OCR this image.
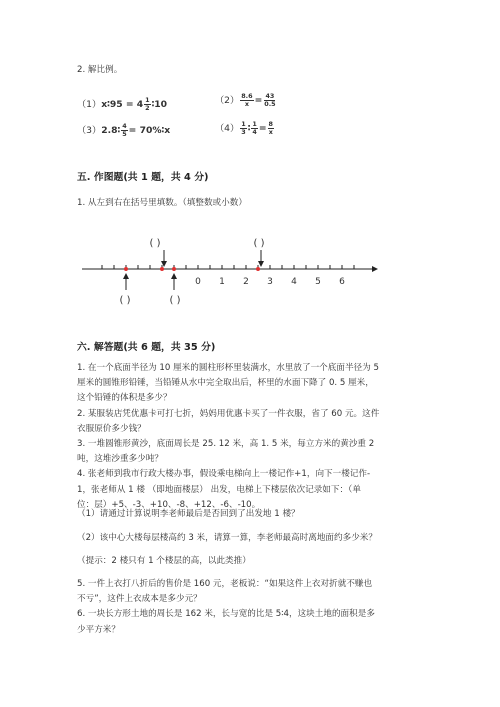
2. 解比例。
（1）x∶95 = $4 \frac{1}{2}$ ∶10	$(2) \frac{8.6}{x} = \frac{43}{0.5}$
（3）2.8∶ $\frac{4}{5}$ = 70%∶x	$(4) \frac{1}{3}$ ∶ $\frac{1}{4} = \frac{8}{x}$
五. 作图题(共 1 题，共 4 分)
1. 从左到右在括号里填数。（填整数或小数）
( )	( )
0 1 2 3 4 5 6
( )	( )
六. 解答题(共 6 题，共 35 分)
1. 在一个底面半径为 10 厘米的圆柱形杯里装满水，水里放了一个底面半径为 5
厘米的圆锥形铅锤，当铅锤从水中完全取出后，杯里的水面下降了 0. 5 厘米，
这个铅锤的体积是多少？
2. 某服装店凭优惠卡可打七折，妈妈用优惠卡买了一件衣服，省了 60 元。这件
衣服原价多少钱？
3. 一堆圆锥形黄沙，底面周长是 25. 12 米，高 1. 5 米，每立方米的黄沙重 2
吨，这堆沙重多少吨？
4. 张老师到我市行政大楼办事，假设乘电梯向上一楼记作+1，向下一楼记作-
1，张老师从 1 楼 （即地面楼层） 出发，电梯上下楼层依次记录如下：（单
位：层）+5、-3、+10、-8、+12、-6、-10。
（1）请通过计算说明李老师最后是否回到了出发地 1 楼？
（2）该中心大楼每层楼高约 3 米，请算一算，李老师最高时离地面约多少米？
（提示：2 楼只有 1 个楼层的高，以此类推）
5. 一件上衣打八折后的售价是 160 元，老板说：“如果这件上衣对折就不赚也
不亏”，这件上衣成本是多少元？
6. 一块长方形土地的周长是 162 米，长与宽的比是 5∶4，这块土地的面积是多
少平方米？
